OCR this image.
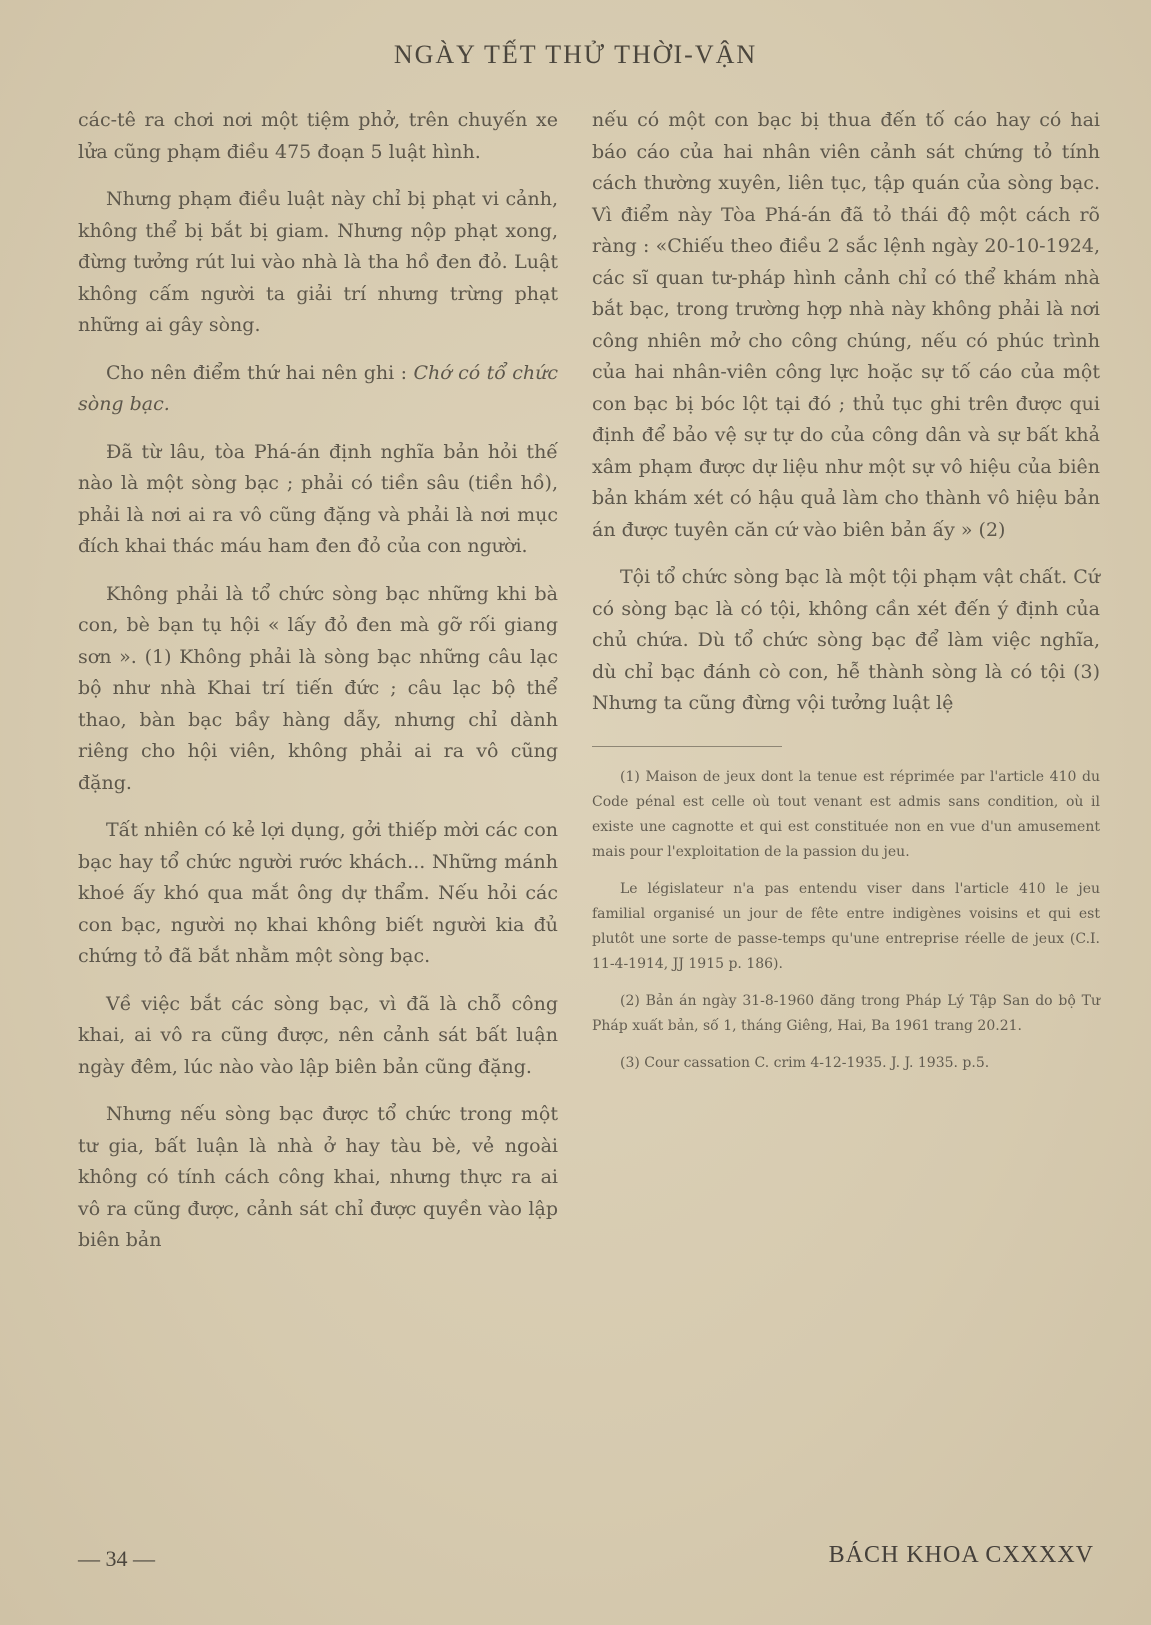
NGÀY TẾT THỬ THỜI-VẬN

các-tê ra chơi nơi một tiệm phở, trên chuyến xe lửa cũng phạm điều 475 đoạn 5 luật hình.

Nhưng phạm điều luật này chỉ bị phạt vi cảnh, không thể bị bắt bị giam. Nhưng nộp phạt xong, đừng tưởng rút lui vào nhà là tha hồ đen đỏ. Luật không cấm người ta giải trí nhưng trừng phạt những ai gây sòng.

Cho nên điểm thứ hai nên ghi : Chớ có tổ chức sòng bạc.

Đã từ lâu, tòa Phá-án định nghĩa bản hỏi thế nào là một sòng bạc ; phải có tiền sâu (tiền hồ), phải là nơi ai ra vô cũng đặng và phải là nơi mục đích khai thác máu ham đen đỏ của con người.

Không phải là tổ chức sòng bạc những khi bà con, bè bạn tụ hội « lấy đỏ đen mà gỡ rối giang sơn ». (1) Không phải là sòng bạc những câu lạc bộ như nhà Khai trí tiến đức ; câu lạc bộ thể thao, bàn bạc bầy hàng dẫy, nhưng chỉ dành riêng cho hội viên, không phải ai ra vô cũng đặng.

Tất nhiên có kẻ lợi dụng, gởi thiếp mời các con bạc hay tổ chức người rước khách... Những mánh khoé ấy khó qua mắt ông dự thẩm. Nếu hỏi các con bạc, người nọ khai không biết người kia đủ chứng tỏ đã bắt nhằm một sòng bạc.

Về việc bắt các sòng bạc, vì đã là chỗ công khai, ai vô ra cũng được, nên cảnh sát bất luận ngày đêm, lúc nào vào lập biên bản cũng đặng.

Nhưng nếu sòng bạc được tổ chức trong một tư gia, bất luận là nhà ở hay tàu bè, vẻ ngoài không có tính cách công khai, nhưng thực ra ai vô ra cũng được, cảnh sát chỉ được quyền vào lập biên bản

nếu có một con bạc bị thua đến tố cáo hay có hai báo cáo của hai nhân viên cảnh sát chứng tỏ tính cách thường xuyên, liên tục, tập quán của sòng bạc. Vì điểm này Tòa Phá-án đã tỏ thái độ một cách rõ ràng : «Chiếu theo điều 2 sắc lệnh ngày 20-10-1924, các sĩ quan tư-pháp hình cảnh chỉ có thể khám nhà bắt bạc, trong trường hợp nhà này không phải là nơi công nhiên mở cho công chúng, nếu có phúc trình của hai nhân-viên công lực hoặc sự tố cáo của một con bạc bị bóc lột tại đó ; thủ tục ghi trên được qui định để bảo vệ sự tự do của công dân và sự bất khả xâm phạm được dự liệu như một sự vô hiệu của biên bản khám xét có hậu quả làm cho thành vô hiệu bản án được tuyên căn cứ vào biên bản ấy » (2)

Tội tổ chức sòng bạc là một tội phạm vật chất. Cứ có sòng bạc là có tội, không cần xét đến ý định của chủ chứa. Dù tổ chức sòng bạc để làm việc nghĩa, dù chỉ bạc đánh cò con, hễ thành sòng là có tội (3) Nhưng ta cũng đừng vội tưởng luật lệ

(1) Maison de jeux dont la tenue est réprimée par l'article 410 du Code pénal est celle où tout venant est admis sans condition, où il existe une cagnotte et qui est constituée non en vue d'un amusement mais pour l'exploitation de la passion du jeu.

Le législateur n'a pas entendu viser dans l'article 410 le jeu familial organisé un jour de fête entre indigènes voisins et qui est plutôt une sorte de passe-temps qu'une entreprise réelle de jeux (C.I. 11-4-1914, JJ 1915 p. 186).

(2) Bản án ngày 31-8-1960 đăng trong Pháp Lý Tập San do bộ Tư Pháp xuất bản, số 1, tháng Giêng, Hai, Ba 1961 trang 20.21.

(3) Cour cassation C. crim 4-12-1935. J. J. 1935. p.5.

— 34 —	BÁCH KHOA CXXXXV
